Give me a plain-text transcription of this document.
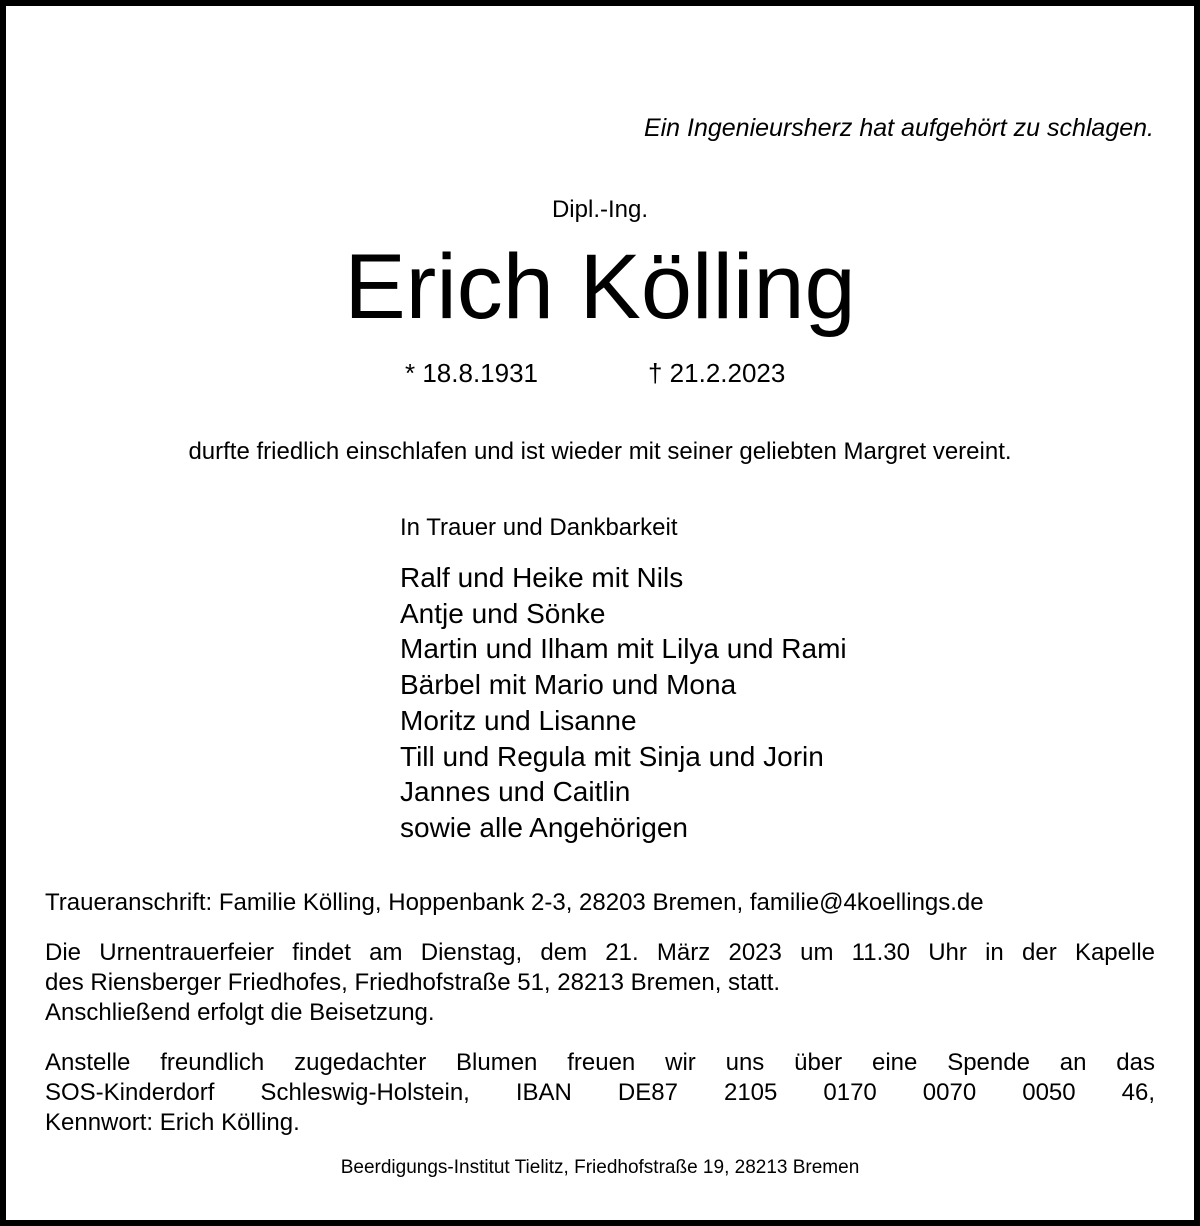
Ein Ingenieursherz hat aufgehört zu schlagen.
Dipl.-Ing.
Erich Kölling
* 18.8.1931	† 21.2.2023
durfte friedlich einschlafen und ist wieder mit seiner geliebten Margret vereint.
In Trauer und Dankbarkeit
Ralf und Heike mit Nils
Antje und Sönke
Martin und Ilham mit Lilya und Rami
Bärbel mit Mario und Mona
Moritz und Lisanne
Till und Regula mit Sinja und Jorin
Jannes und Caitlin
sowie alle Angehörigen
Traueranschrift: Familie Kölling, Hoppenbank 2-3, 28203 Bremen, familie@4koellings.de
Die Urnentrauerfeier findet am Dienstag, dem 21. März 2023 um 11.30 Uhr in der Kapelle
des Riensberger Friedhofes, Friedhofstraße 51, 28213 Bremen, statt.
Anschließend erfolgt die Beisetzung.
Anstelle freundlich zugedachter Blumen freuen wir uns über eine Spende an das
SOS-Kinderdorf Schleswig-Holstein, IBAN DE87 2105 0170 0070 0050 46,
Kennwort: Erich Kölling.
Beerdigungs-Institut Tielitz, Friedhofstraße 19, 28213 Bremen
